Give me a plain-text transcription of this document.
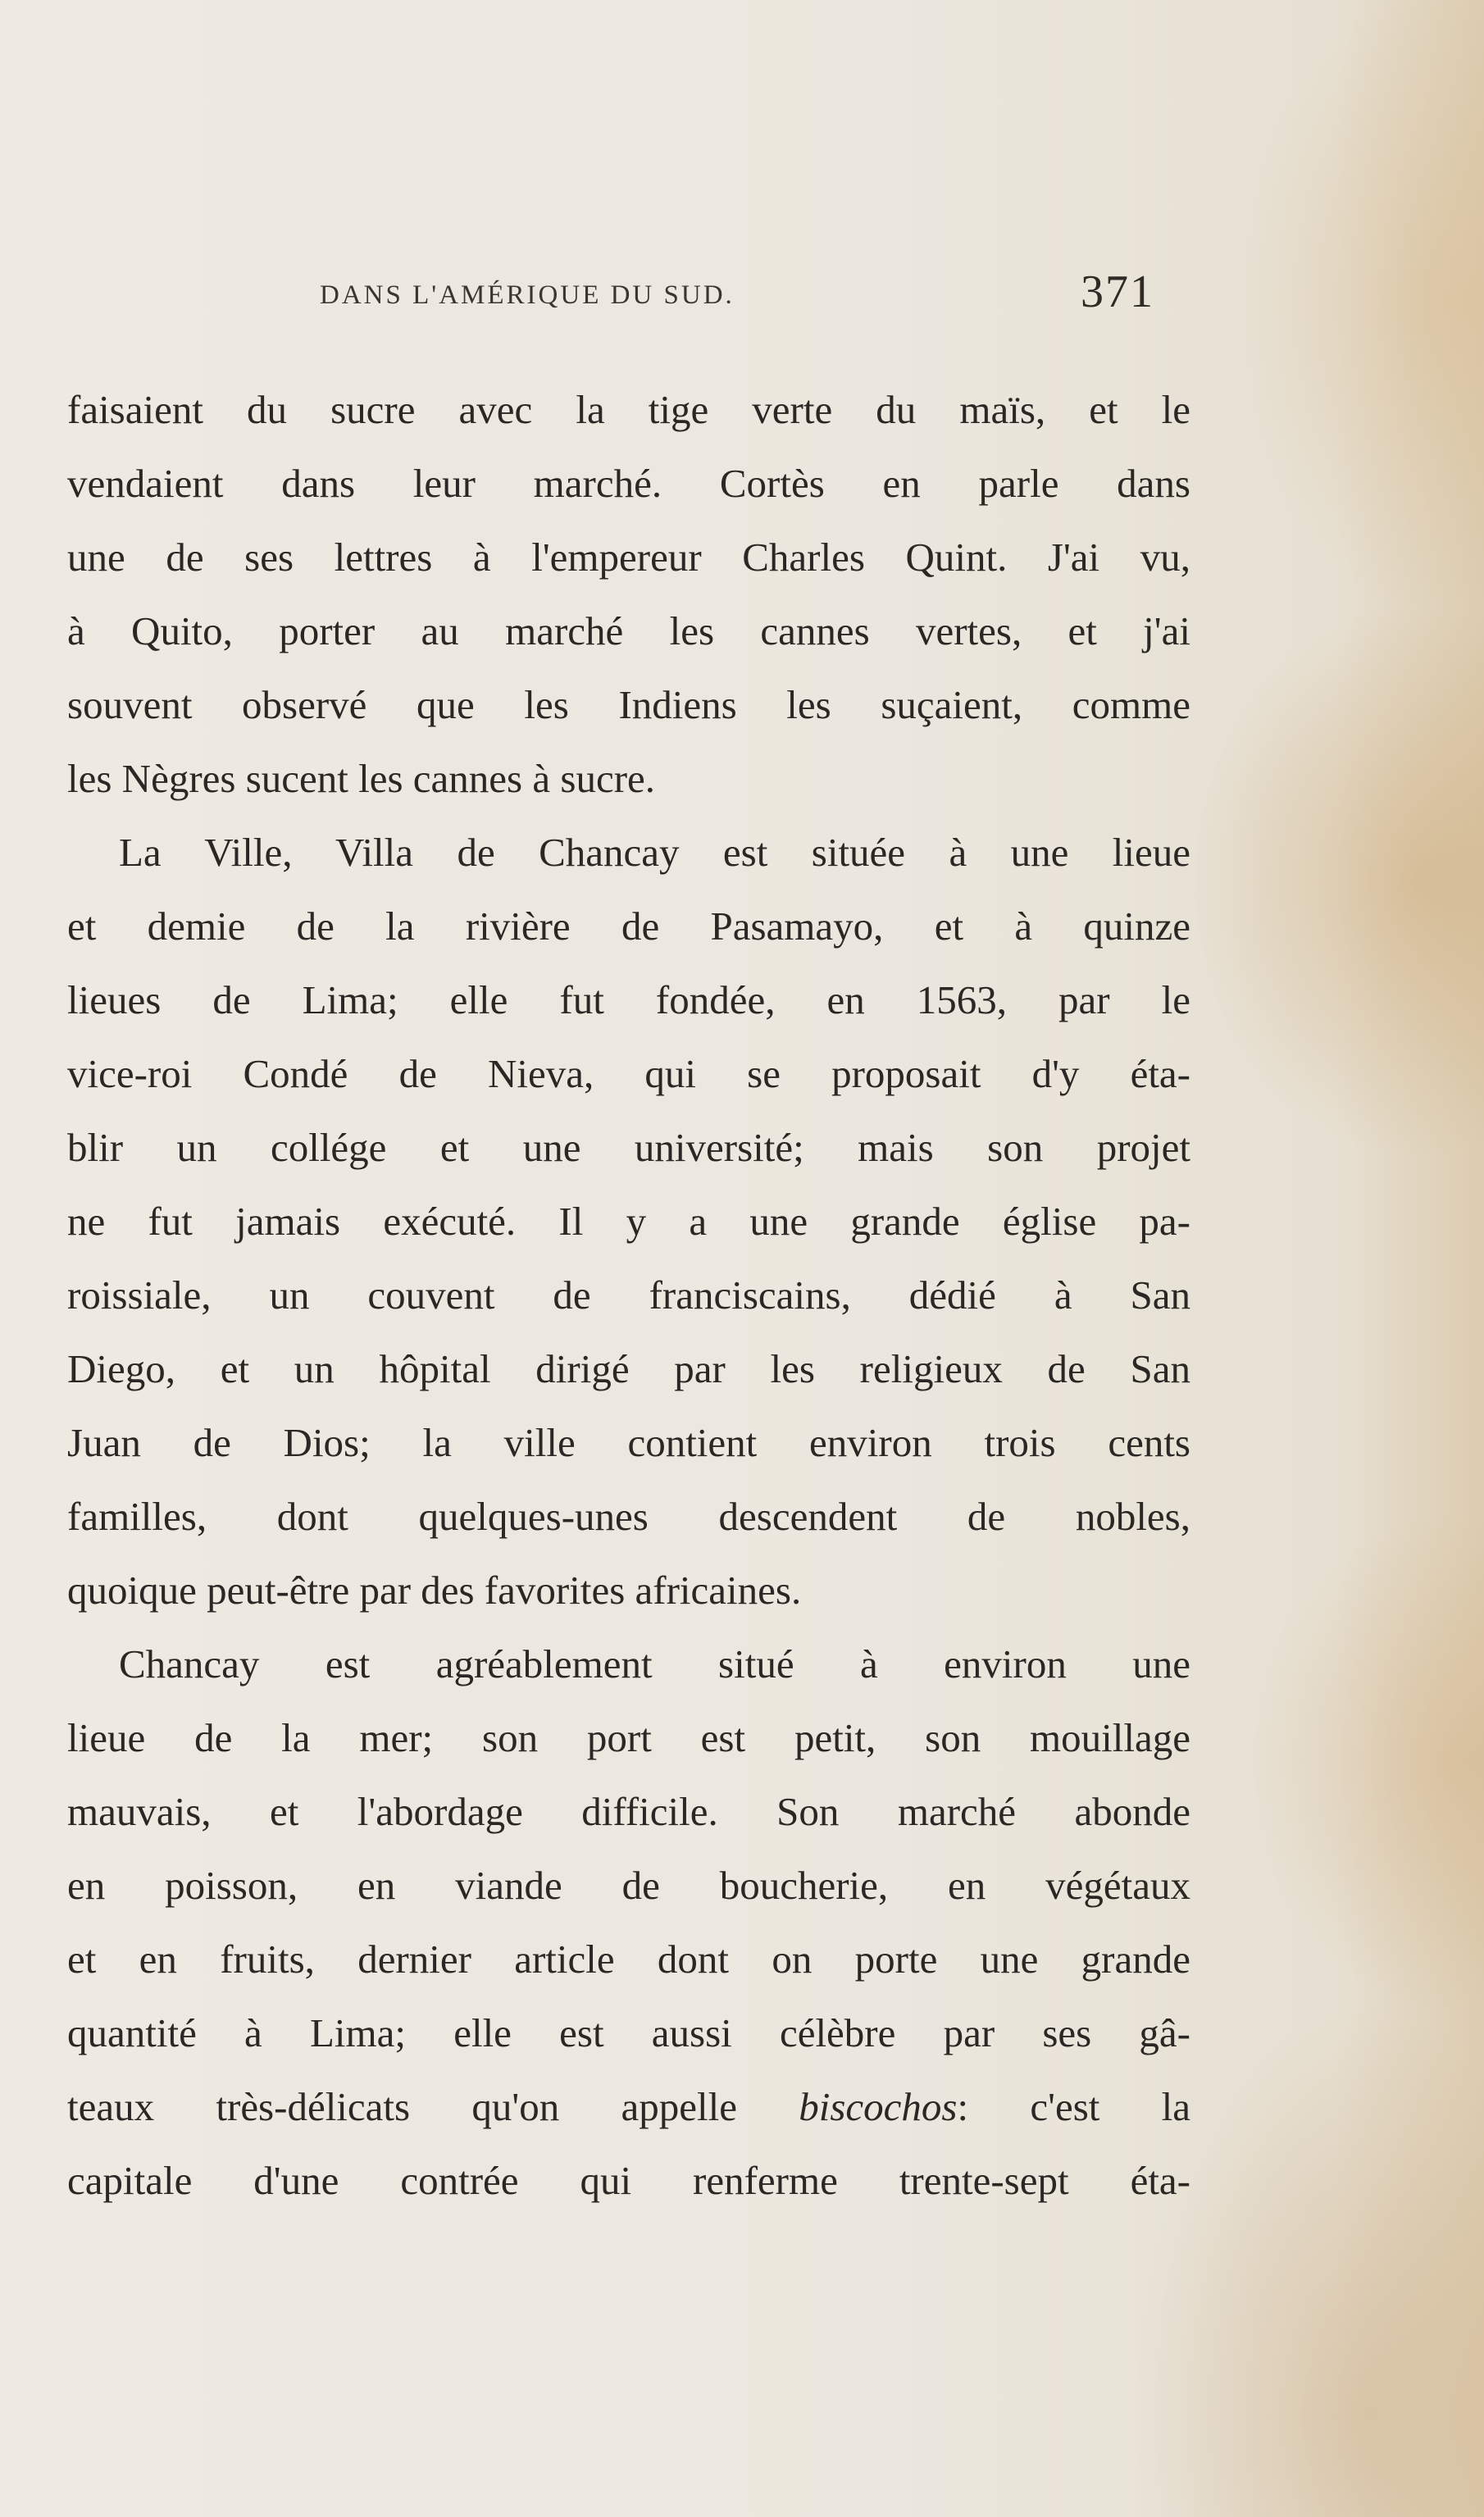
DANS L'AMÉRIQUE DU SUD.	371
faisaient du sucre avec la tige verte du maïs, et le
vendaient dans leur marché. Cortès en parle dans
une de ses lettres à l'empereur Charles Quint. J'ai vu,
à Quito, porter au marché les cannes vertes, et j'ai
souvent observé que les Indiens les suçaient, comme
les Nègres sucent les cannes à sucre.
La Ville, Villa de Chancay est située à une lieue
et demie de la rivière de Pasamayo, et à quinze
lieues de Lima; elle fut fondée, en 1563, par le
vice-roi Condé de Nieva, qui se proposait d'y éta-
blir un collége et une université; mais son projet
ne fut jamais exécuté. Il y a une grande église pa-
roissiale, un couvent de franciscains, dédié à San
Diego, et un hôpital dirigé par les religieux de San
Juan de Dios; la ville contient environ trois cents
familles, dont quelques-unes descendent de nobles,
quoique peut-être par des favorites africaines.
Chancay est agréablement situé à environ une
lieue de la mer; son port est petit, son mouillage
mauvais, et l'abordage difficile. Son marché abonde
en poisson, en viande de boucherie, en végétaux
et en fruits, dernier article dont on porte une grande
quantité à Lima; elle est aussi célèbre par ses gâ-
teaux très-délicats qu'on appelle biscochos: c'est la
capitale d'une contrée qui renferme trente-sept éta-
